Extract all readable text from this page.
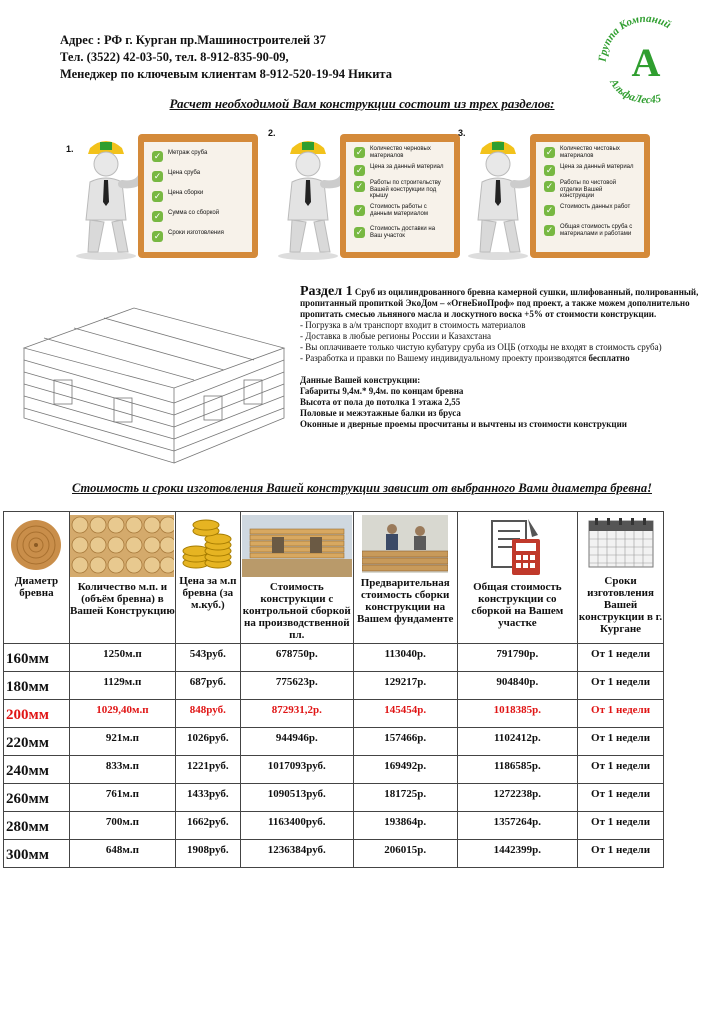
Адрес : РФ г. Курган пр.Машиностроителей 37
Тел. (3522) 42-03-50, тел. 8-912-835-90-09,
Менеджер по ключевым клиентам 8-912-520-19-94 Никита
Группа Компаний
А
АльфаЛес45
Расчет необходимой Вам конструкции состоит из трех разделов:
1.
✓ Метраж сруба
✓ Цена сруба
✓ Цена сборки
✓ Сумма со сборкой
✓ Сроки изготовления
2.
✓ Количество черновых материалов
✓ Цена за данный материал
✓ Работы по строительству Вашей конструкции под крышу
✓ Стоимость работы с данным материалом
✓ Стоимость доставки на Ваш участок
3.
✓ Количество чистовых материалов
✓ Цена за данный материал
✓ Работы по чистовой отделки Вашей конструкции
✓ Стоимость данных работ
✓ Общая стоимость сруба с материалами и работами
Раздел 1 Сруб из оцилиндрованного бревна камерной сушки, шлифованный, полированный, пропитанный пропиткой ЭкоДом – «ОгнеБиоПроф» под проект, а также можем дополнительно пропитать смесью льняного масла и лоскутного воска +5% от стоимости конструкции.
- Погрузка в а/м транспорт входит в стоимость материалов
- Доставка в любые регионы России и Казахстана
- Вы оплачиваете только чистую кубатуру сруба из ОЦБ (отходы не входят в стоимость сруба)
- Разработка и правки по Вашему индивидуальному проекту производятся бесплатно
Данные Вашей конструкции:
Габариты 9,4м.* 9,4м. по концам бревна
Высота от пола до потолка 1 этажа 2,55
Половые и межэтажные балки из бруса
Оконные и дверные проемы просчитаны и вычтены из стоимости конструкции
Стоимость и сроки изготовления Вашей конструкции зависит от выбранного Вами диаметра бревна!
Диаметр бревна	Количество м.п. и (объём бревна) в Вашей Конструкцию	Цена за м.п бревна (за м.куб.)	Стоимость конструкции с контрольной сборкой на производственной пл.	Предварительная стоимость сборки конструкции на Вашем фундаменте	Общая стоимость конструкции со сборкой на Вашем участке	Сроки изготовления Вашей конструкции в г. Кургане
160мм	1250м.п	543руб.	678750р.	113040р.	791790р.	От 1 недели
180мм	1129м.п	687руб.	775623р.	129217р.	904840р.	От 1 недели
200мм	1029,40м.п	848руб.	872931,2р.	145454р.	1018385р.	От 1 недели
220мм	921м.п	1026руб.	944946р.	157466р.	1102412р.	От 1 недели
240мм	833м.п	1221руб.	1017093руб.	169492р.	1186585р.	От 1 недели
260мм	761м.п	1433руб.	1090513руб.	181725р.	1272238р.	От 1 недели
280мм	700м.п	1662руб.	1163400руб.	193864р.	1357264р.	От 1 недели
300мм	648м.п	1908руб.	1236384руб.	206015р.	1442399р.	От 1 недели
